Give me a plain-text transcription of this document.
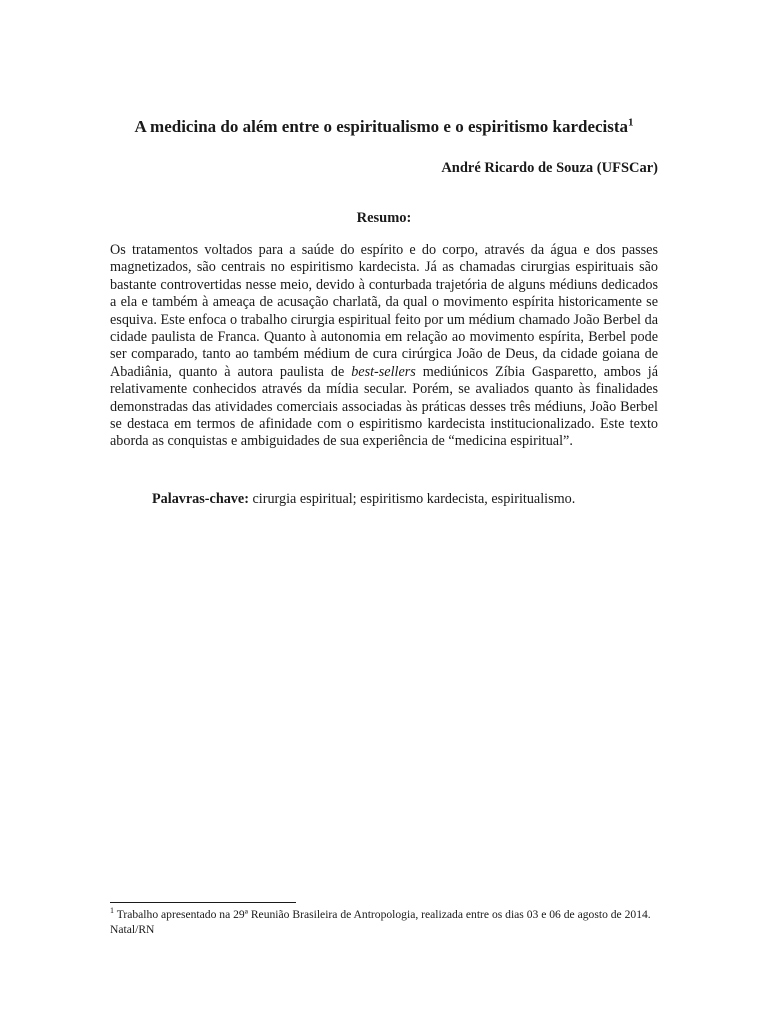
A medicina do além entre o espiritualismo e o espiritismo kardecista$^1$
André Ricardo de Souza (UFSCar)
Resumo:

Os tratamentos voltados para a saúde do espírito e do corpo, através da água e dos passes magnetizados, são centrais no espiritismo kardecista. Já as chamadas cirurgias espirituais são bastante controvertidas nesse meio, devido à conturbada trajetória de alguns médiuns dedicados a ela e também à ameaça de acusação charlatã, da qual o movimento espírita historicamente se esquiva. Este enfoca o trabalho cirurgia espiritual feito por um médium chamado João Berbel da cidade paulista de Franca. Quanto à autonomia em relação ao movimento espírita, Berbel pode ser comparado, tanto ao também médium de cura cirúrgica João de Deus, da cidade goiana de Abadiânia, quanto à autora paulista de best-sellers mediúnicos Zíbia Gasparetto, ambos já relativamente conhecidos através da mídia secular. Porém, se avaliados quanto às finalidades demonstradas das atividades comerciais associadas às práticas desses três médiuns, João Berbel se destaca em termos de afinidade com o espiritismo kardecista institucionalizado. Este texto aborda as conquistas e ambiguidades de sua experiência de “medicina espiritual”.

Palavras-chave: cirurgia espiritual; espiritismo kardecista, espiritualismo.

$^1$ Trabalho apresentado na 29ª Reunião Brasileira de Antropologia, realizada entre os dias 03 e 06 de agosto de 2014. Natal/RN
